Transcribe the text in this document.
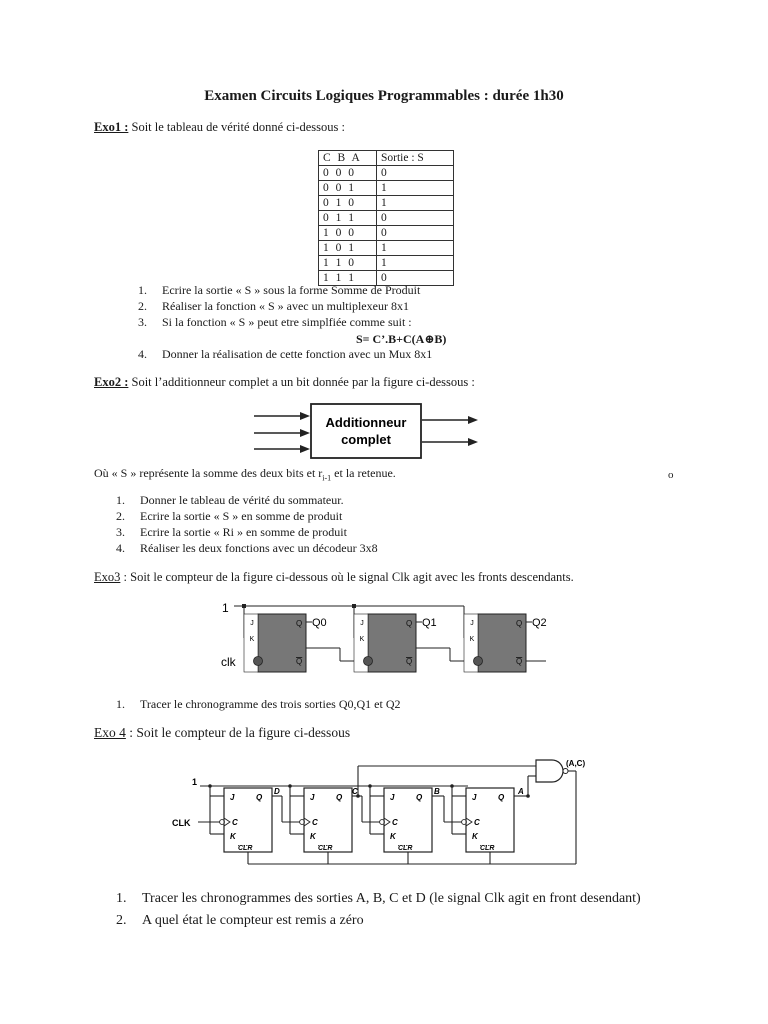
Examen Circuits Logiques Programmables : durée 1h30
Exo1 : Soit le tableau de vérité donné ci-dessous :
C B A	Sortie : S
0 0 0	0
0 0 1	1
0 1 0	1
0 1 1	0
1 0 0	0
1 0 1	1
1 1 0	1
1 1 1	0
1. Ecrire la sortie « S » sous la forme Somme de Produit
2. Réaliser la fonction « S » avec un multiplexeur 8x1
3. Si la fonction « S » peut etre simplfiée comme suit :
S= C’.B+C(A⊕B)
4. Donner la réalisation de cette fonction avec un Mux 8x1
Exo2 : Soit l’additionneur complet a un bit donnée par la figure ci-dessous :
Additionneur
complet
Où « S » représente la somme des deux bits et $r_{i-1}$ et la retenue.	o
1. Donner le tableau de vérité du sommateur.
2. Ecrire la sortie « S » en somme de produit
3. Ecrire la sortie « Ri » en somme de produit
4. Réaliser les deux fonctions avec un décodeur 3x8
Exo3 : Soit le compteur de la figure ci-dessous où le signal Clk agit avec les fronts descendants.
1
clk
J
K
Q
Q
Q0	J
K
Q
Q
Q1	J
K
Q
Q
Q2
1. Tracer le chronogramme des trois sorties Q0,Q1 et Q2
Exo 4 : Soit le compteur de la figure ci-dessous
1
CLK
(A,C)
J
C
K
Q
CLR
D
J
C
K
Q
CLR
C
J
C
K
Q
CLR
B
J
C
K
Q
CLR
A
1. Tracer les chronogrammes des sorties A, B, C et D (le signal Clk agit en front desendant)
2. A quel état le compteur est remis a zéro
